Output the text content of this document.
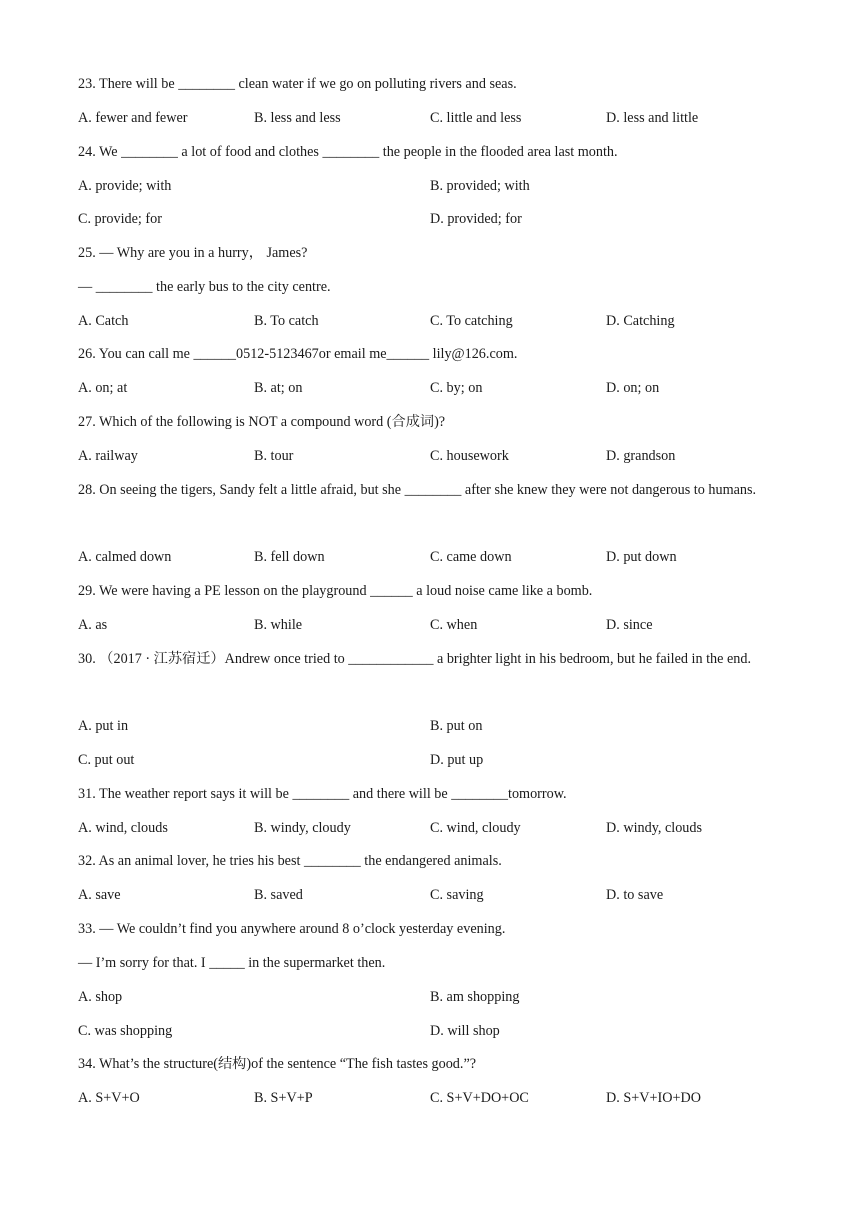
23. There will be ________ clean water if we go on polluting rivers and seas.
A. fewer and fewer	B. less and less	C. little and less	D. less and little
24. We ________ a lot of food and clothes ________ the people in the flooded area last month.
A. provide; with	B. provided; with
C. provide; for	D. provided; for
25. — Why are you in a hurry， James?
— ________ the early bus to the city centre.
A. Catch	B. To catch	C. To catching	D. Catching
26. You can call me ______0512-5123467or email me______ lily@126.com.
A. on; at	B. at; on	C. by; on	D. on; on
27. Which of the following is NOT a compound word (合成词)?
A. railway	B. tour	C. housework	D. grandson
28. On seeing the tigers, Sandy felt a little afraid, but she ________ after she knew they were not dangerous to humans.
A. calmed down	B. fell down	C. came down	D. put down
29. We were having a PE lesson on the playground ______ a loud noise came like a bomb.
A. as	B. while	C. when	D. since
30. （2017 · 江苏宿迁）Andrew once tried to ____________ a brighter light in his bedroom, but he failed in the end.
A. put in	B. put on
C. put out	D. put up
31. The weather report says it will be ________ and there will be ________tomorrow.
A. wind, clouds	B. windy, cloudy	C. wind, cloudy	D. windy, clouds
32. As an animal lover, he tries his best ________ the endangered animals.
A. save	B. saved	C. saving	D. to save
33. — We couldn’t find you anywhere around 8 o’clock yesterday evening.
— I’m sorry for that. I _____ in the supermarket then.
A. shop	B. am shopping
C. was shopping	D. will shop
34. What’s the structure(结构)of the sentence “The fish tastes good.”?
A. S+V+O	B. S+V+P	C. S+V+DO+OC	D. S+V+IO+DO
